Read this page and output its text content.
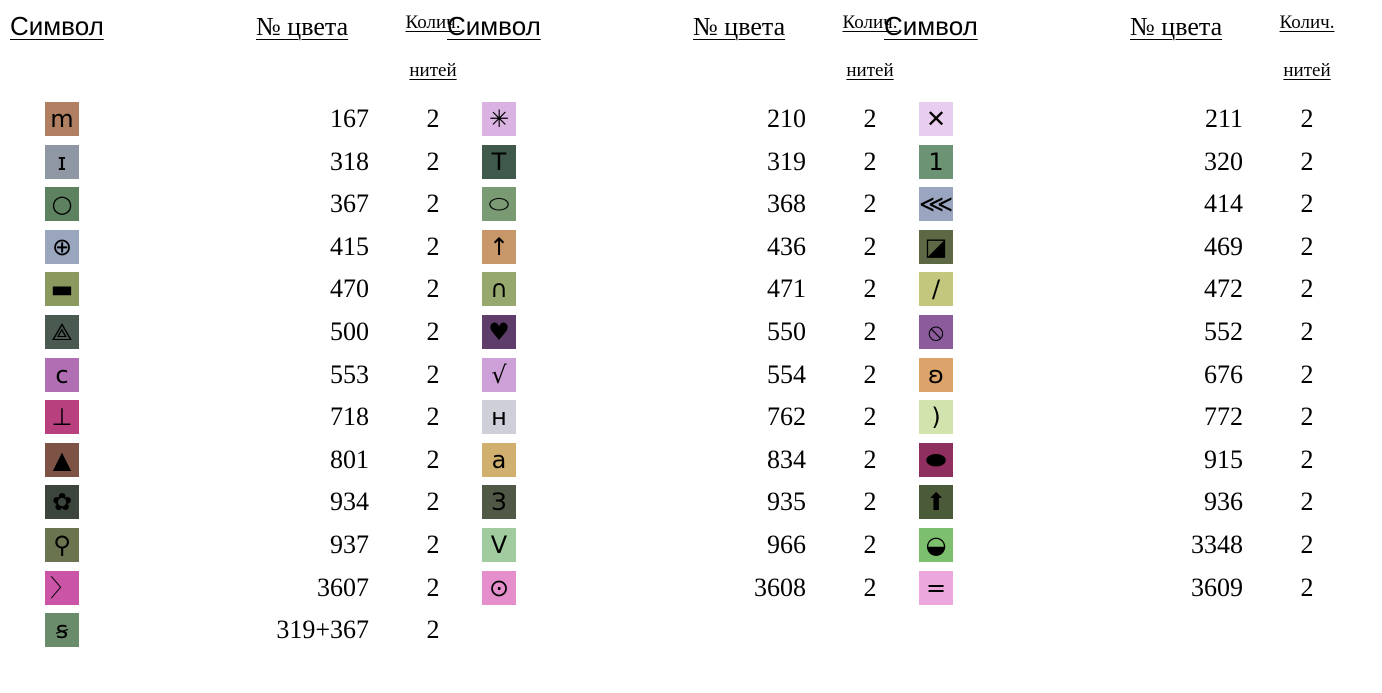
Символ	№ цвета	Колич.
нитей
m	167 2
ɪ	318 2
○	367 2
⊕	415 2
▬	470 2
⟁	500 2
c	553 2
⊥	718 2
▲	801 2
✿	934 2
⚲	937 2
〉	3607 2
ꞩ	319+367 2
Символ	№ цвета	Колич.
нитей
✳	210 2
T	319 2
⬭	368 2
↑	436 2
∩	471 2
♥	550 2
√	554 2
н	762 2
a	834 2
З	935 2
V	966 2
⊙	3608 2
Символ	№ цвета	Колич.
нитей
✕	211 2
1	320 2
⋘	414 2
◪	469 2
∕	472 2
⦸	552 2
ʚ	676 2
)	772 2
⬬	915 2
⬆	936 2
◒	3348 2
=	3609 2
